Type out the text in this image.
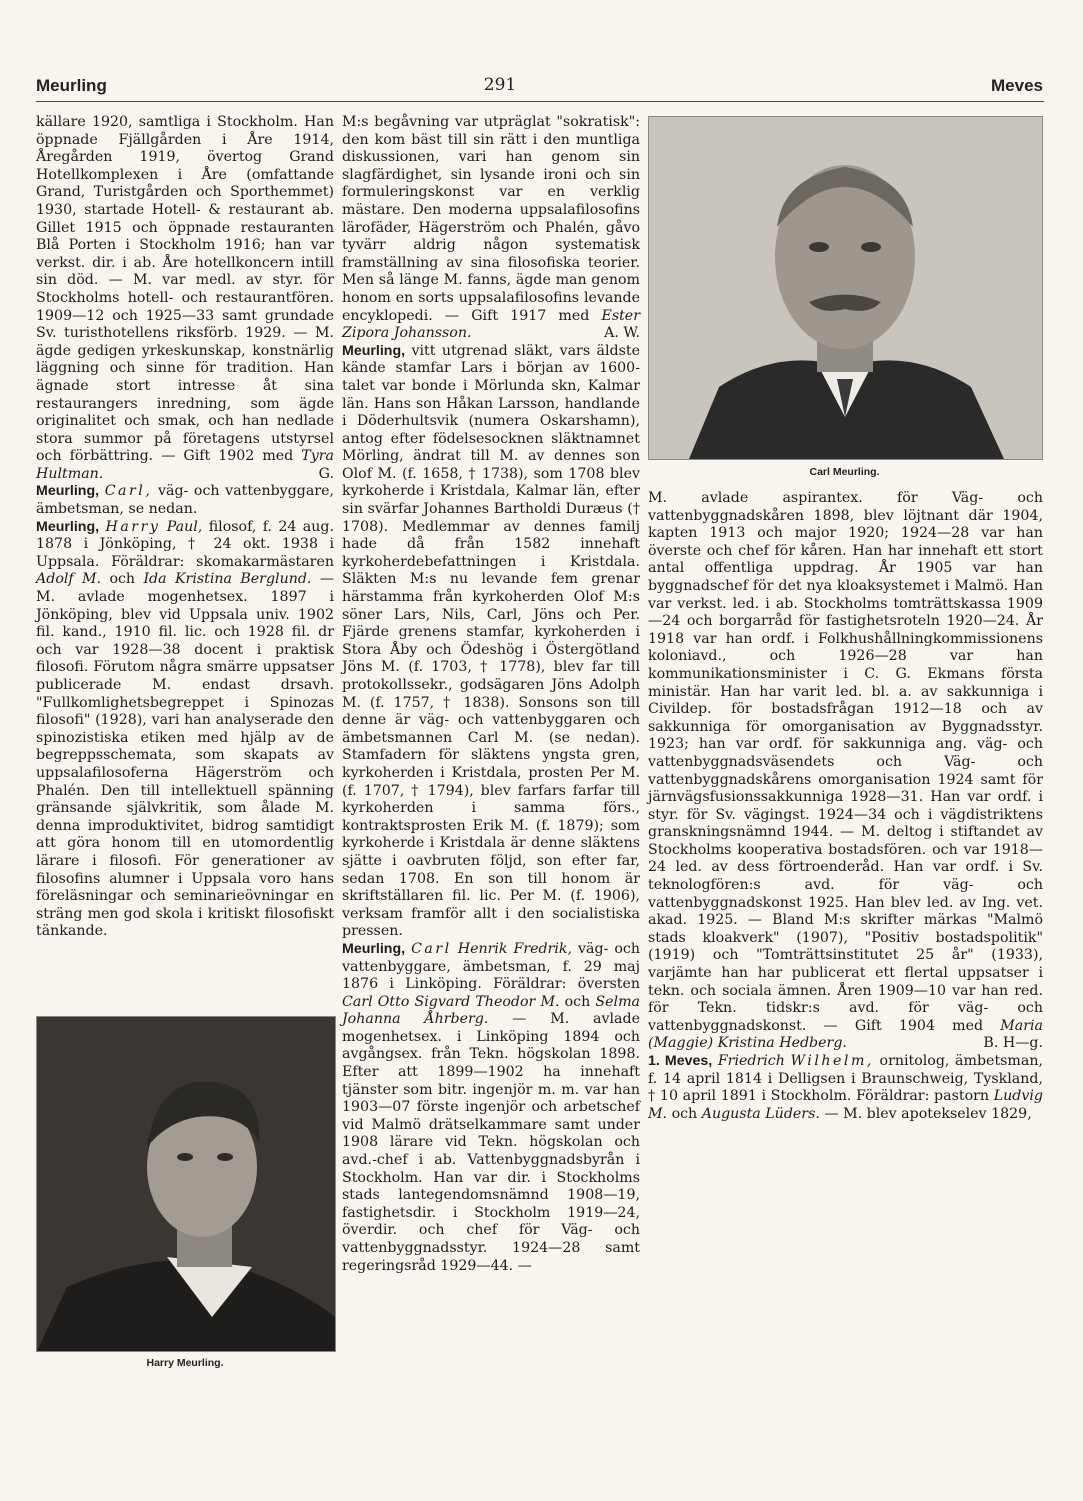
Meurling	291	Meves

källare 1920, samtliga i Stockholm. Han öppnade Fjällgården i Åre 1914, Åregården 1919, övertog Grand Hotellkomplexen i Åre (omfattande Grand, Turistgården och Sporthemmet) 1930, startade Hotell- & restaurant ab. Gillet 1915 och öppnade restauranten Blå Porten i Stockholm 1916; han var verkst. dir. i ab. Åre hotellkoncern intill sin död. — M. var medl. av styr. för Stockholms hotell- och restaurantfören. 1909—12 och 1925—33 samt grundade Sv. turisthotellens riksförb. 1929. — M. ägde gedigen yrkeskunskap, konstnärlig läggning och sinne för tradition. Han ägnade stort intresse åt sina restaurangers inredning, som ägde originalitet och smak, och han nedlade stora summor på företagens utstyrsel och förbättring. — Gift 1902 med Tyra Hultman.	G.

Meurling, Carl, väg- och vattenbyggare, ämbetsman, se nedan.

Meurling, Harry Paul, filosof, f. 24 aug. 1878 i Jönköping, † 24 okt. 1938 i Uppsala. Föräldrar: skomakarmästaren Adolf M. och Ida Kristina Berglund. — M. avlade mogenhetsex. 1897 i Jönköping, blev vid Uppsala univ. 1902 fil. kand., 1910 fil. lic. och 1928 fil. dr och var 1928—38 docent i praktisk filosofi. Förutom några smärre uppsatser publicerade M. endast drsavh. "Fullkomlighetsbegreppet i Spinozas filosofi" (1928), vari han analyserade den spinozistiska etiken med hjälp av de begreppsschemata, som skapats av uppsalafilosoferna Hägerström och Phalén. Den till intellektuell spänning gränsande självkritik, som ålade M. denna improduktivitet, bidrog samtidigt att göra honom till en utomordentlig lärare i filosofi. För generationer av filosofins alumner i Uppsala voro hans föreläsningar och seminarieövningar en sträng men god skola i kritiskt filosofiskt tänkande.

M:s begåvning var utpräglat "sokratisk": den kom bäst till sin rätt i den muntliga diskussionen, vari han genom sin slagfärdighet, sin lysande ironi och sin formuleringskonst var en verklig mästare. Den moderna uppsalafilosofins lärofäder, Hägerström och Phalén, gåvo tyvärr aldrig någon systematisk framställning av sina filosofiska teorier. Men så länge M. fanns, ägde man genom honom en sorts uppsalafilosofins levande encyklopedi. — Gift 1917 med Ester Zipora Johansson.	A. W.

Meurling, vitt utgrenad släkt, vars äldste kände stamfar Lars i början av 1600-talet var bonde i Mörlunda skn, Kalmar län. Hans son Håkan Larsson, handlande i Döderhultsvik (numera Oskarshamn), antog efter födelsesocknen släktnamnet Mörling, ändrat till M. av dennes son Olof M. (f. 1658, † 1738), som 1708 blev kyrkoherde i Kristdala, Kalmar län, efter sin svärfar Johannes Bartholdi Duræus († 1708). Medlemmar av dennes familj hade då från 1582 innehaft kyrkoherdebefattningen i Kristdala. Släkten M:s nu levande fem grenar härstamma från kyrkoherden Olof M:s söner Lars, Nils, Carl, Jöns och Per. Fjärde grenens stamfar, kyrkoherden i Stora Åby och Ödeshög i Östergötland Jöns M. (f. 1703, † 1778), blev far till protokollssekr., godsägaren Jöns Adolph M. (f. 1757, † 1838). Sonsons son till denne är väg- och vattenbyggaren och ämbetsmannen Carl M. (se nedan). Stamfadern för släktens yngsta gren, kyrkoherden i Kristdala, prosten Per M. (f. 1707, † 1794), blev farfars farfar till kyrkoherden i samma förs., kontraktsprosten Erik M. (f. 1879); som kyrkoherde i Kristdala är denne släktens sjätte i oavbruten följd, son efter far, sedan 1708. En son till honom är skriftställaren fil. lic. Per M. (f. 1906), verksam framför allt i den socialistiska pressen.

Meurling, Carl Henrik Fredrik, väg- och vattenbyggare, ämbetsman, f. 29 maj 1876 i Linköping. Föräldrar: översten Carl Otto Sigvard Theodor M. och Selma Johanna Åhrberg. — M. avlade mogenhetsex. i Linköping 1894 och avgångsex. från Tekn. högskolan 1898. Efter att 1899—1902 ha innehaft tjänster som bitr. ingenjör m. m. var han 1903—07 förste ingenjör och arbetschef vid Malmö drätselkammare samt under 1908 lärare vid Tekn. högskolan och avd.-chef i ab. Vattenbyggnadsbyrån i Stockholm. Han var dir. i Stockholms stads lantegendomsnämnd 1908—19, fastighetsdir. i Stockholm 1919—24, överdir. och chef för Väg- och vattenbyggnadsstyr. 1924—28 samt regeringsråd 1929—44. —

Carl Meurling.

M. avlade aspirantex. för Väg- och vattenbyggnadskåren 1898, blev löjtnant där 1904, kapten 1913 och major 1920; 1924—28 var han överste och chef för kåren. Han har innehaft ett stort antal offentliga uppdrag. År 1905 var han byggnadschef för det nya kloaksystemet i Malmö. Han var verkst. led. i ab. Stockholms tomträttskassa 1909—24 och borgarråd för fastighetsroteln 1920—24. År 1918 var han ordf. i Folkhushållningkommissionens koloniavd., och 1926—28 var han kommunikationsminister i C. G. Ekmans första ministär. Han har varit led. bl. a. av sakkunniga i Civildep. för bostadsfrågan 1912—18 och av sakkunniga för omorganisation av Byggnadsstyr. 1923; han var ordf. för sakkunniga ang. väg- och vattenbyggnadsväsendets och Väg- och vattenbyggnadskårens omorganisation 1924 samt för järnvägsfusionssakkunniga 1928—31. Han var ordf. i styr. för Sv. vägingst. 1924—34 och i vägdistriktens granskningsnämnd 1944. — M. deltog i stiftandet av Stockholms kooperativa bostadsfören. och var 1918—24 led. av dess förtroenderåd. Han var ordf. i Sv. teknologfören:s avd. för väg- och vattenbyggnadskonst 1925. Han blev led. av Ing. vet. akad. 1925. — Bland M:s skrifter märkas "Malmö stads kloakverk" (1907), "Positiv bostadspolitik" (1919) och "Tomträttsinstitutet 25 år" (1933), varjämte han har publicerat ett flertal uppsatser i tekn. och sociala ämnen. Åren 1909—10 var han red. för Tekn. tidskr:s avd. för väg- och vattenbyggnadskonst. — Gift 1904 med Maria (Maggie) Kristina Hedberg.	B. H—g.

1. Meves, Friedrich Wilhelm, ornitolog, ämbetsman, f. 14 april 1814 i Delligsen i Braunschweig, Tyskland, † 10 april 1891 i Stockholm. Föräldrar: pastorn Ludvig M. och Augusta Lüders. — M. blev apotekselev 1829,

Harry Meurling.
